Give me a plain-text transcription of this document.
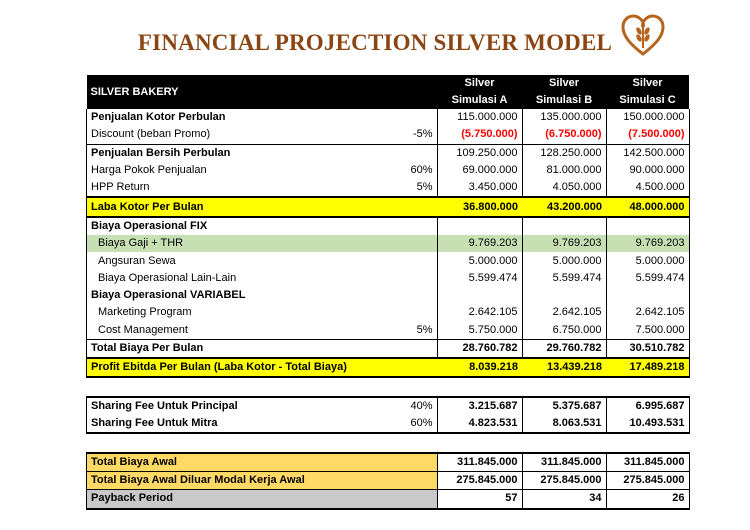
FINANCIAL PROJECTION SILVER MODEL
SILVER BAKERY		Silver	Silver	Silver
		Simulasi A	Simulasi B	Simulasi C
Penjualan Kotor Perbulan		115.000.000	135.000.000	150.000.000
Discount (beban Promo)	-5%	(5.750.000)	(6.750.000)	(7.500.000)
Penjualan Bersih Perbulan		109.250.000	128.250.000	142.500.000
Harga Pokok Penjualan	60%	69.000.000	81.000.000	90.000.000
HPP Return	5%	3.450.000	4.050.000	4.500.000
Laba Kotor Per Bulan		36.800.000	43.200.000	48.000.000
Biaya Operasional FIX				
Biaya Gaji + THR		9.769.203	9.769.203	9.769.203
Angsuran Sewa		5.000.000	5.000.000	5.000.000
Biaya Operasional Lain-Lain		5.599.474	5.599.474	5.599.474
Biaya Operasional VARIABEL				
Marketing Program		2.642.105	2.642.105	2.642.105
Cost Management	5%	5.750.000	6.750.000	7.500.000
Total Biaya Per Bulan		28.760.782	29.760.782	30.510.782
Profit Ebitda Per Bulan (Laba Kotor - Total Biaya)		8.039.218	13.439.218	17.489.218

Sharing Fee Untuk Principal	40%	3.215.687	5.375.687	6.995.687
Sharing Fee Untuk Mitra	60%	4.823.531	8.063.531	10.493.531

Total Biaya Awal		311.845.000	311.845.000	311.845.000
Total Biaya Awal Diluar Modal Kerja Awal		275.845.000	275.845.000	275.845.000
Payback Period		57	34	26
